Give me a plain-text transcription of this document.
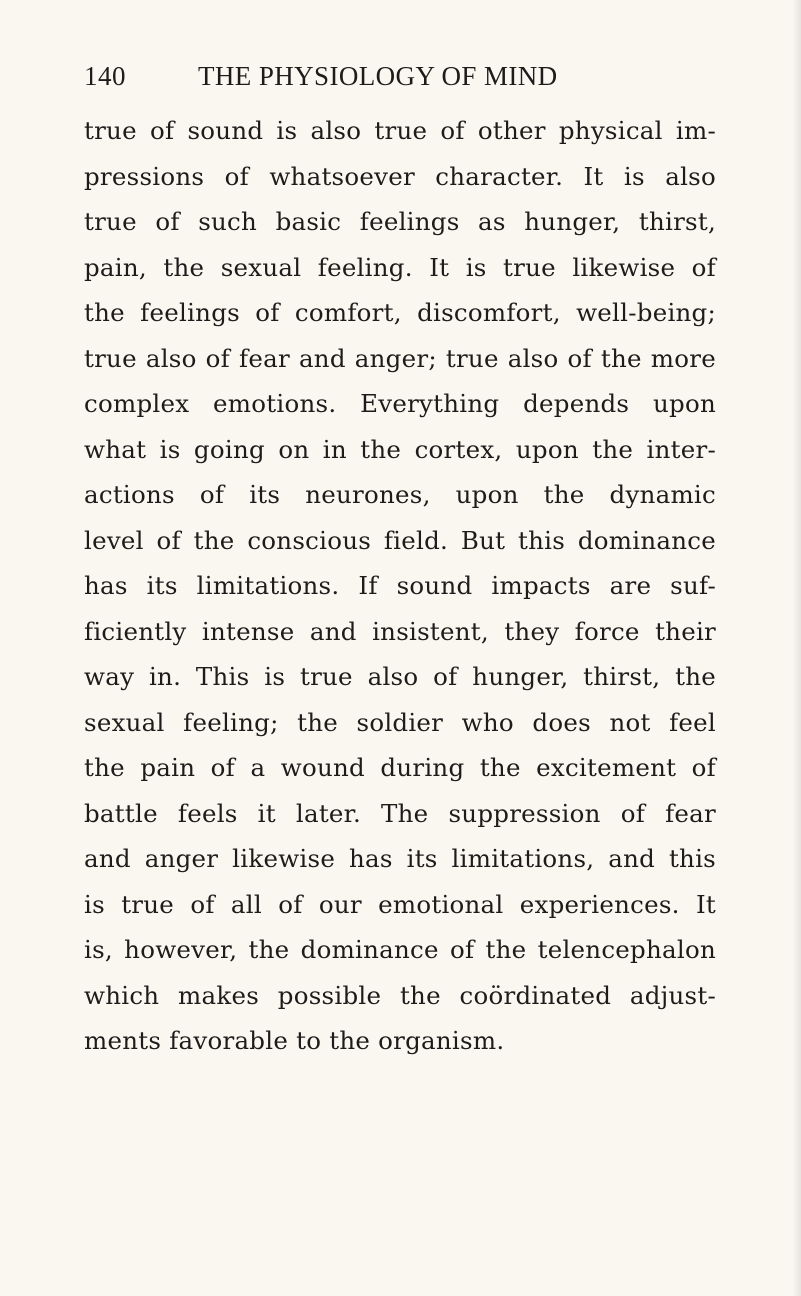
140	THE PHYSIOLOGY OF MIND
true of sound is also true of other physical im-
pressions of whatsoever character. It is also
true of such basic feelings as hunger, thirst,
pain, the sexual feeling. It is true likewise of
the feelings of comfort, discomfort, well-being;
true also of fear and anger; true also of the more
complex emotions. Everything depends upon
what is going on in the cortex, upon the inter-
actions of its neurones, upon the dynamic
level of the conscious field. But this dominance
has its limitations. If sound impacts are suf-
ficiently intense and insistent, they force their
way in. This is true also of hunger, thirst, the
sexual feeling; the soldier who does not feel
the pain of a wound during the excitement of
battle feels it later. The suppression of fear
and anger likewise has its limitations, and this
is true of all of our emotional experiences. It
is, however, the dominance of the telencephalon
which makes possible the coördinated adjust-
ments favorable to the organism.
